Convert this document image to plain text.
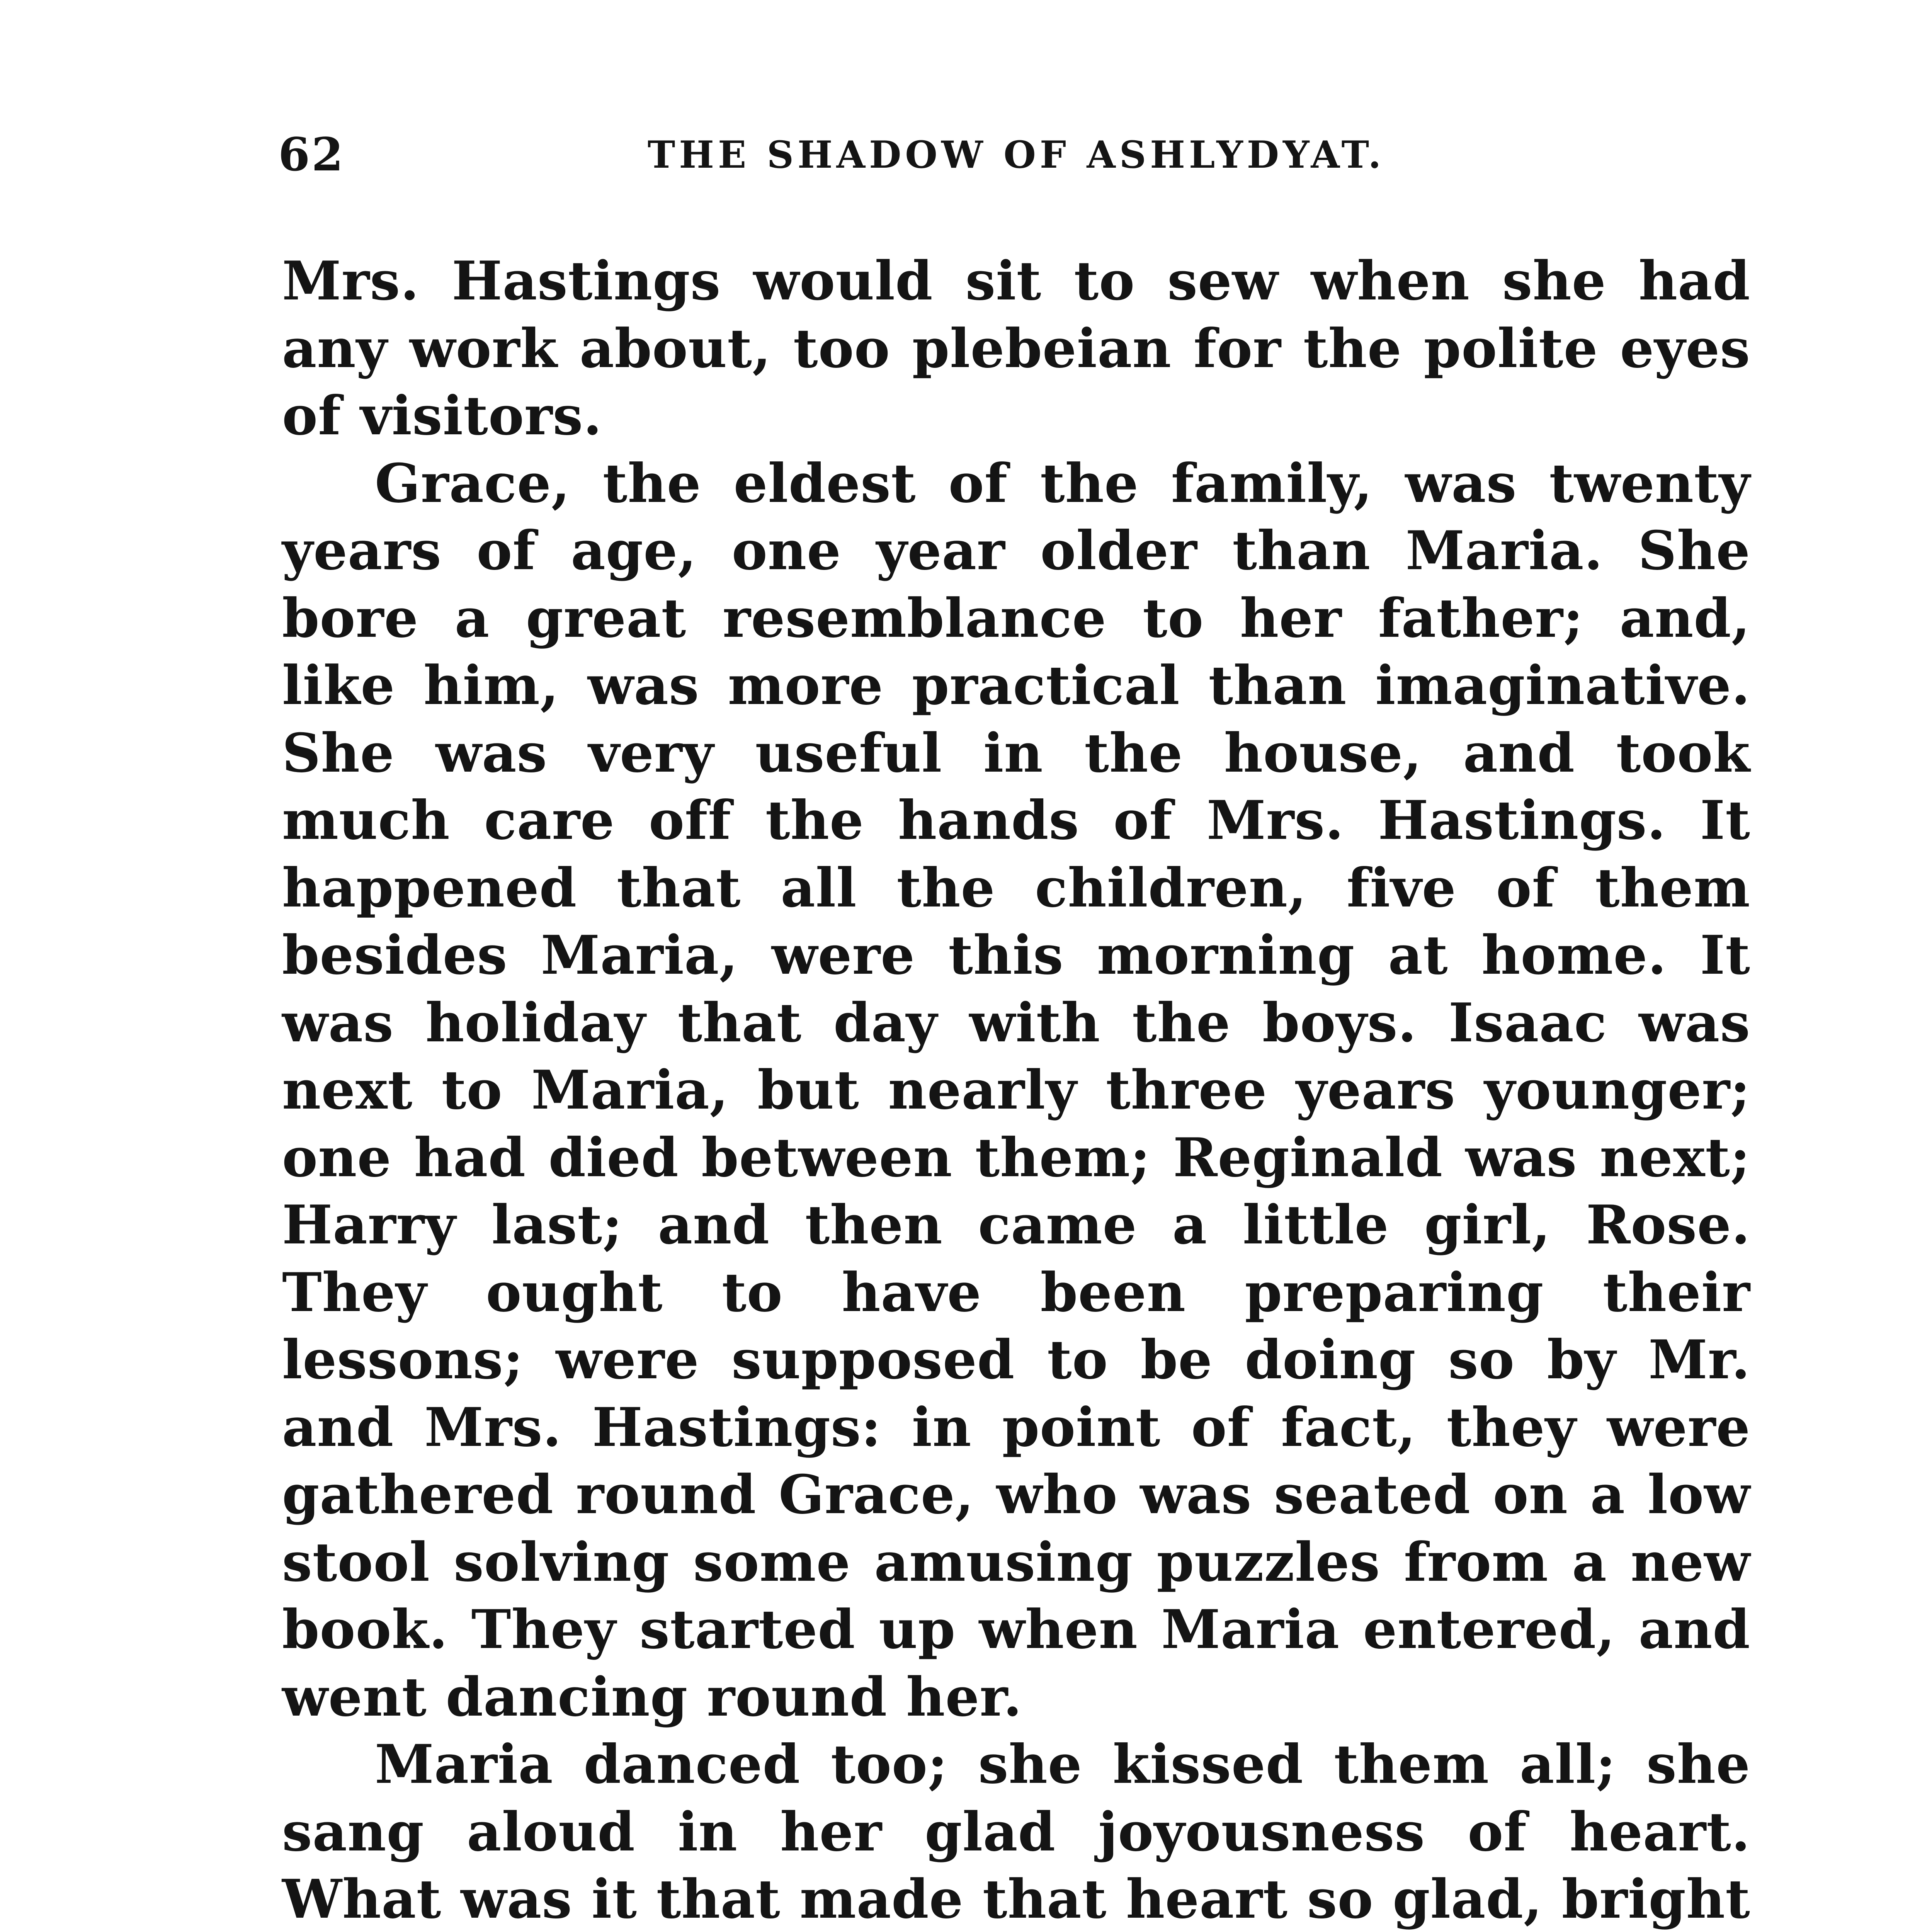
62	THE SHADOW OF ASHLYDYAT.

Mrs. Hastings would sit to sew when she had any work about, too plebeian for the polite eyes of visitors.

Grace, the eldest of the family, was twenty years of age, one year older than Maria. She bore a great resemblance to her father; and, like him, was more practical than imaginative. She was very useful in the house, and took much care off the hands of Mrs. Hastings. It happened that all the children, five of them besides Maria, were this morning at home. It was holiday that day with the boys. Isaac was next to Maria, but nearly three years younger; one had died between them; Reginald was next; Harry last; and then came a little girl, Rose. They ought to have been preparing their lessons; were supposed to be doing so by Mr. and Mrs. Hastings: in point of fact, they were gathered round Grace, who was seated on a low stool solving some amusing puzzles from a new book. They started up when Maria entered, and went dancing round her.

Maria danced too; she kissed them all; she sang aloud in her glad joyousness of heart. What was it that made that heart so glad, bright
